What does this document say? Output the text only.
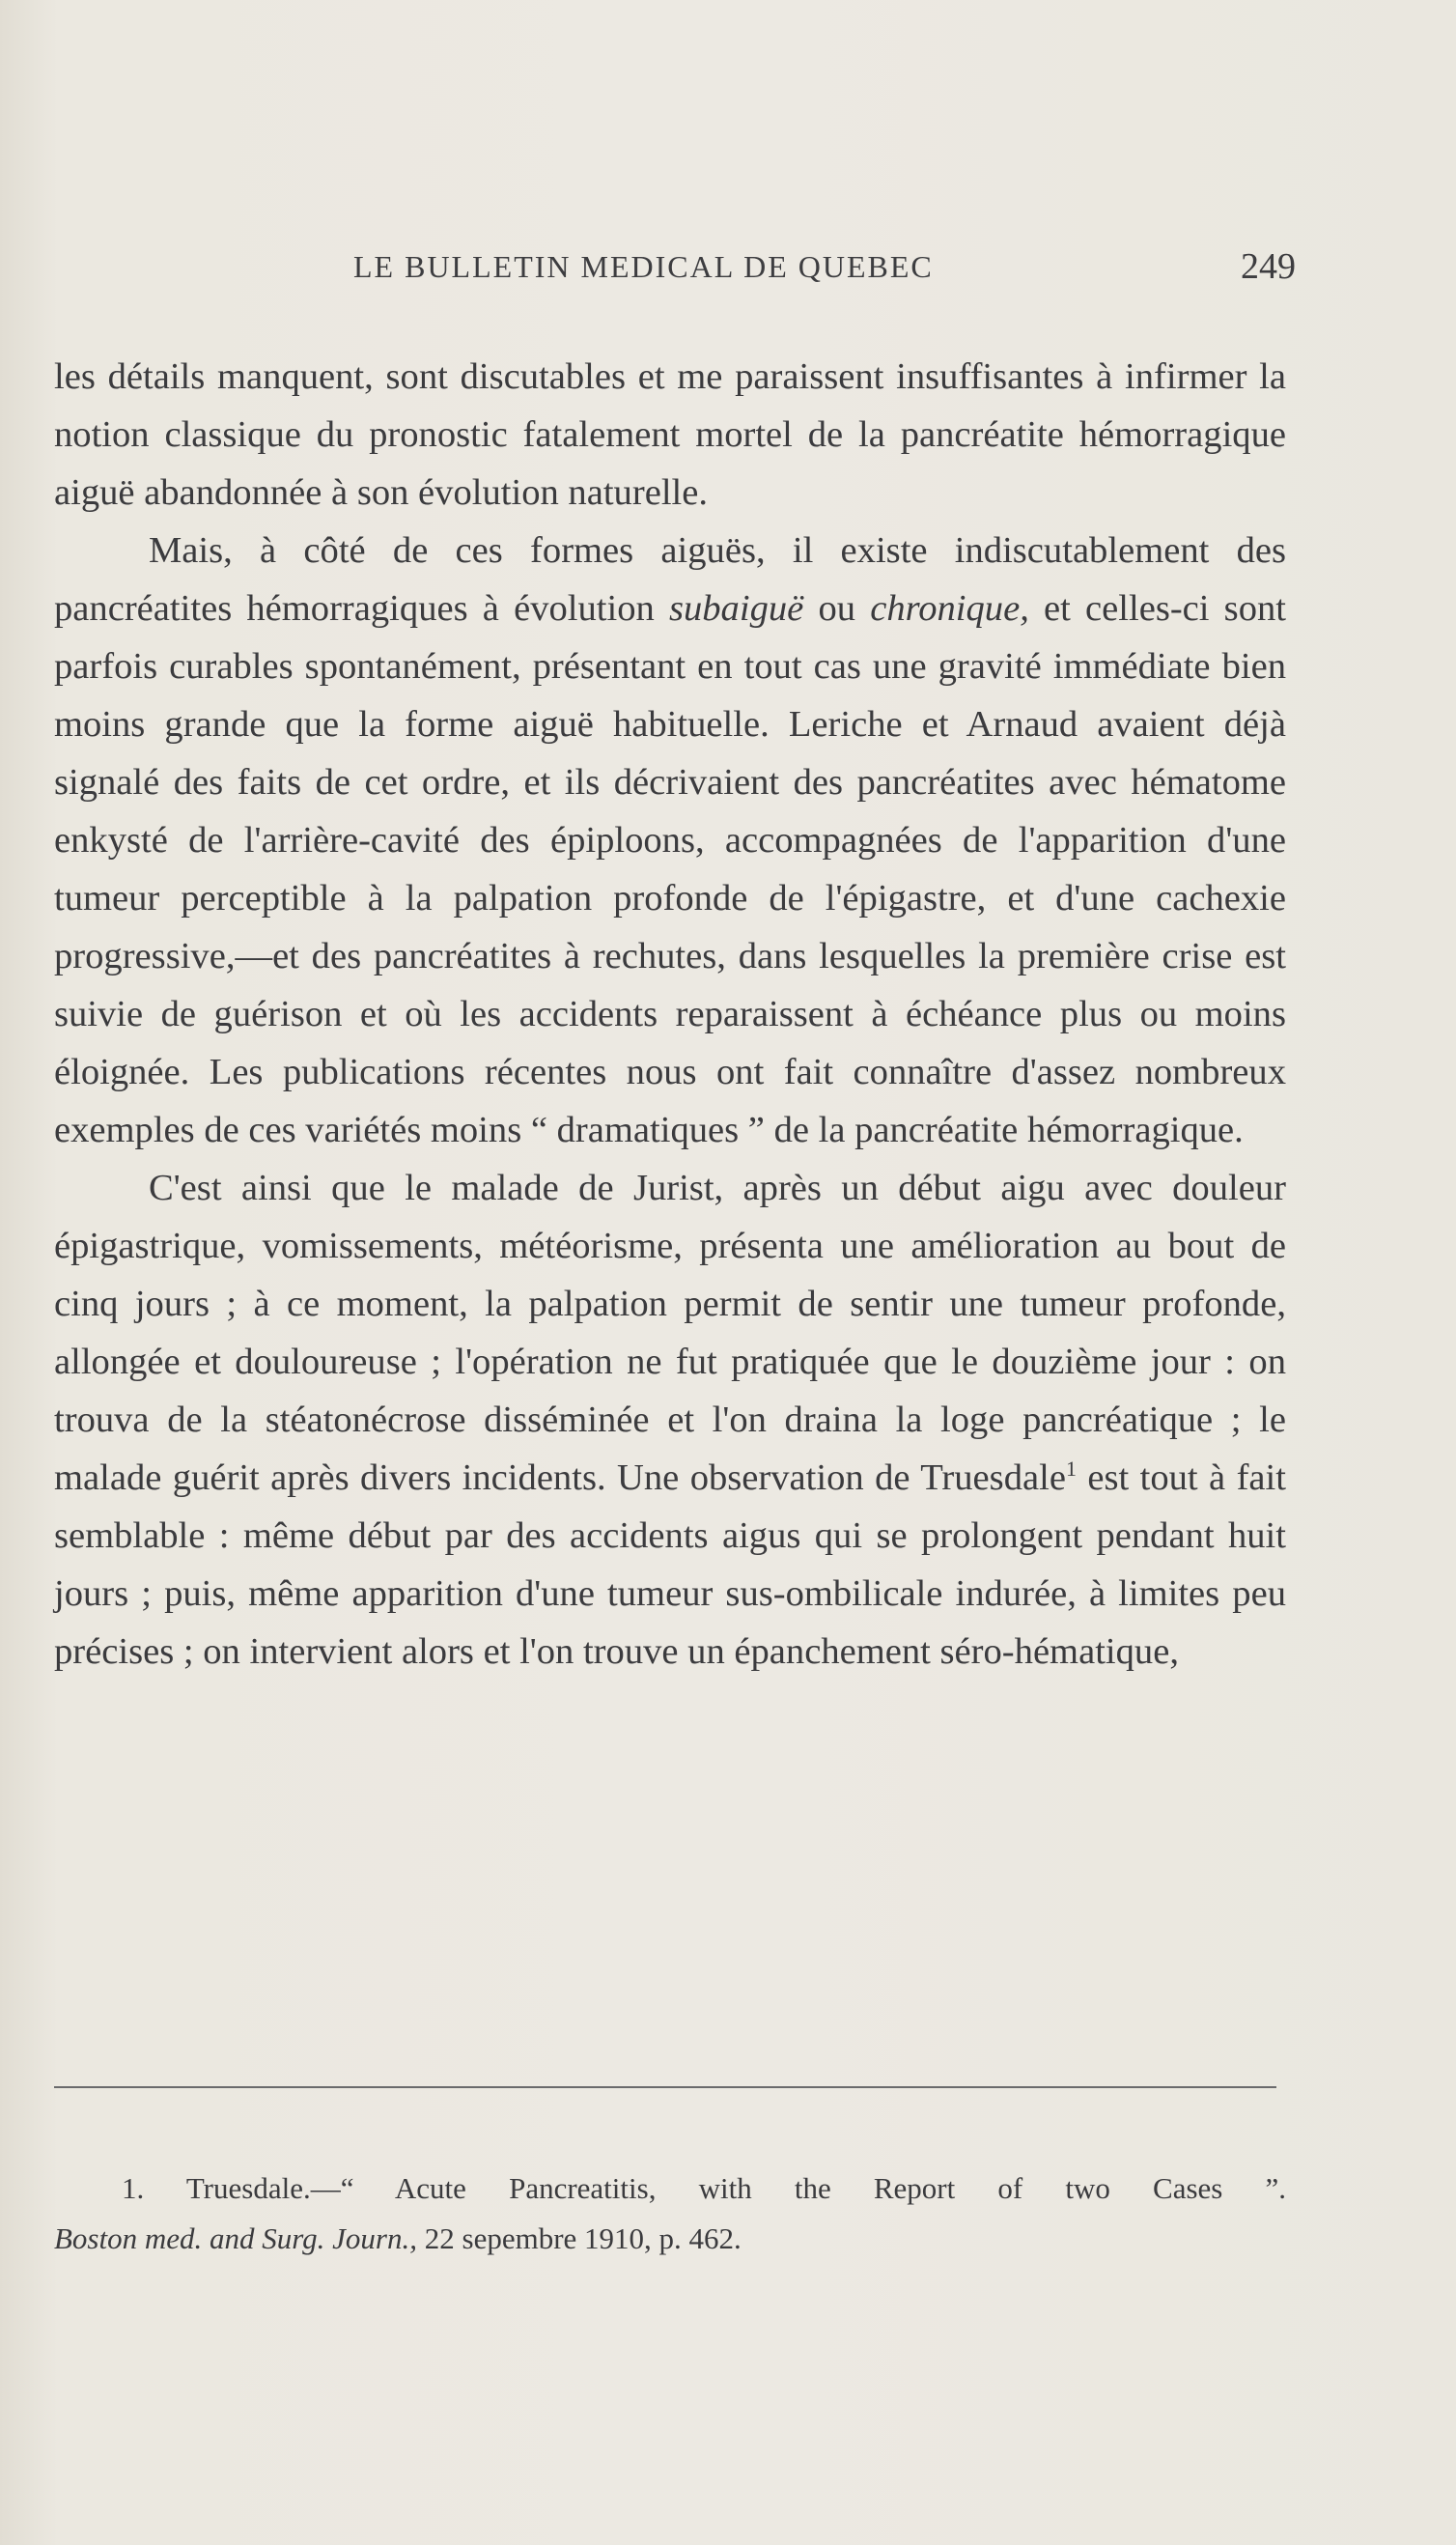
LE BULLETIN MEDICAL DE QUEBEC	249

les détails manquent, sont discutables et me paraissent insuffisantes à infirmer la notion classique du pronostic fatalement mortel de la pancréatite hémorragique aiguë abandonnée à son évolution naturelle.

Mais, à côté de ces formes aiguës, il existe indiscutablement des pancréatites hémorragiques à évolution subaiguë ou chronique, et celles-ci sont parfois curables spontanément, présentant en tout cas une gravité immédiate bien moins grande que la forme aiguë habituelle. Leriche et Arnaud avaient déjà signalé des faits de cet ordre, et ils décrivaient des pancréatites avec hématome enkysté de l'arrière-cavité des épiploons, accompagnées de l'apparition d'une tumeur perceptible à la palpation profonde de l'épigastre, et d'une cachexie progressive,—et des pancréatites à rechutes, dans lesquelles la première crise est suivie de guérison et où les accidents reparaissent à échéance plus ou moins éloignée. Les publications récentes nous ont fait connaître d'assez nombreux exemples de ces variétés moins “ dramatiques ” de la pancréatite hémorragique.

C'est ainsi que le malade de Jurist, après un début aigu avec douleur épigastrique, vomissements, météorisme, présenta une amélioration au bout de cinq jours ; à ce moment, la palpation permit de sentir une tumeur profonde, allongée et douloureuse ; l'opération ne fut pratiquée que le douzième jour : on trouva de la stéatonécrose disséminée et l'on draina la loge pancréatique ; le malade guérit après divers incidents. Une observation de Truesdale$^1$ est tout à fait semblable : même début par des accidents aigus qui se prolongent pendant huit jours ; puis, même apparition d'une tumeur sus-ombilicale indurée, à limites peu précises ; on intervient alors et l'on trouve un épanchement séro-hématique,

1. Truesdale.—“ Acute Pancreatitis, with the Report of two Cases ”.
Boston med. and Surg. Journ., 22 sepembre 1910, p. 462.
